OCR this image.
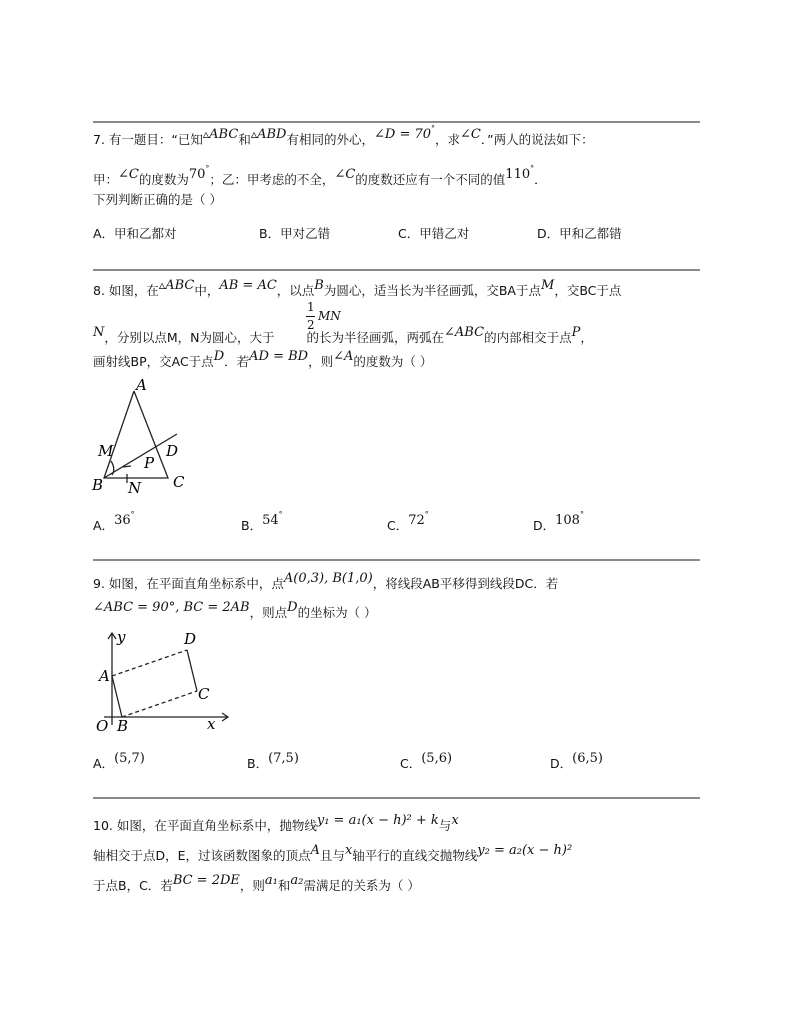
7. 有一题目：“已知▵ABC和▵ABD有相同的外心，∠D = 70°，求∠C．”两人的说法如下：
甲：∠C的度数为70°；乙：甲考虑的不全，∠C的度数还应有一个不同的值110°．
下列判断正确的是（ ）
A．甲和乙都对	B．甲对乙错	C．甲错乙对	D．甲和乙都错
8. 如图，在▵ABC中，AB = AC，以点B为圆心，适当长为半径画弧，交BA于点M，交BC于点
1
2
MN
N，分别以点M，N为圆心，大于	的长为半径画弧，两弧在∠ABC的内部相交于点P，
画射线BP，交AC于点D．若AD = BD，则∠A的度数为（ ）
A
M
P
D
B N C
A．36°
B．54°
C．72°
D．108°
9. 如图，在平面直角坐标系中，点A(0,3), B(1,0)，将线段AB平移得到线段DC．若
∠ABC = 90°, BC = 2AB，则点D的坐标为（ ）
y	D
A
C
O B	x
A．(5,7)	B．(7,5)	C．(5,6)	D．(6,5)
10. 如图，在平面直角坐标系中，抛物线y₁ = a₁(x − h)² + k与x
轴相交于点D，E，过该函数图象的顶点A且与x轴平行的直线交抛物线y₂ = a₂(x − h)²
于点B，C．若BC = 2DE，则a₁和a₂需满足的关系为（ ）
